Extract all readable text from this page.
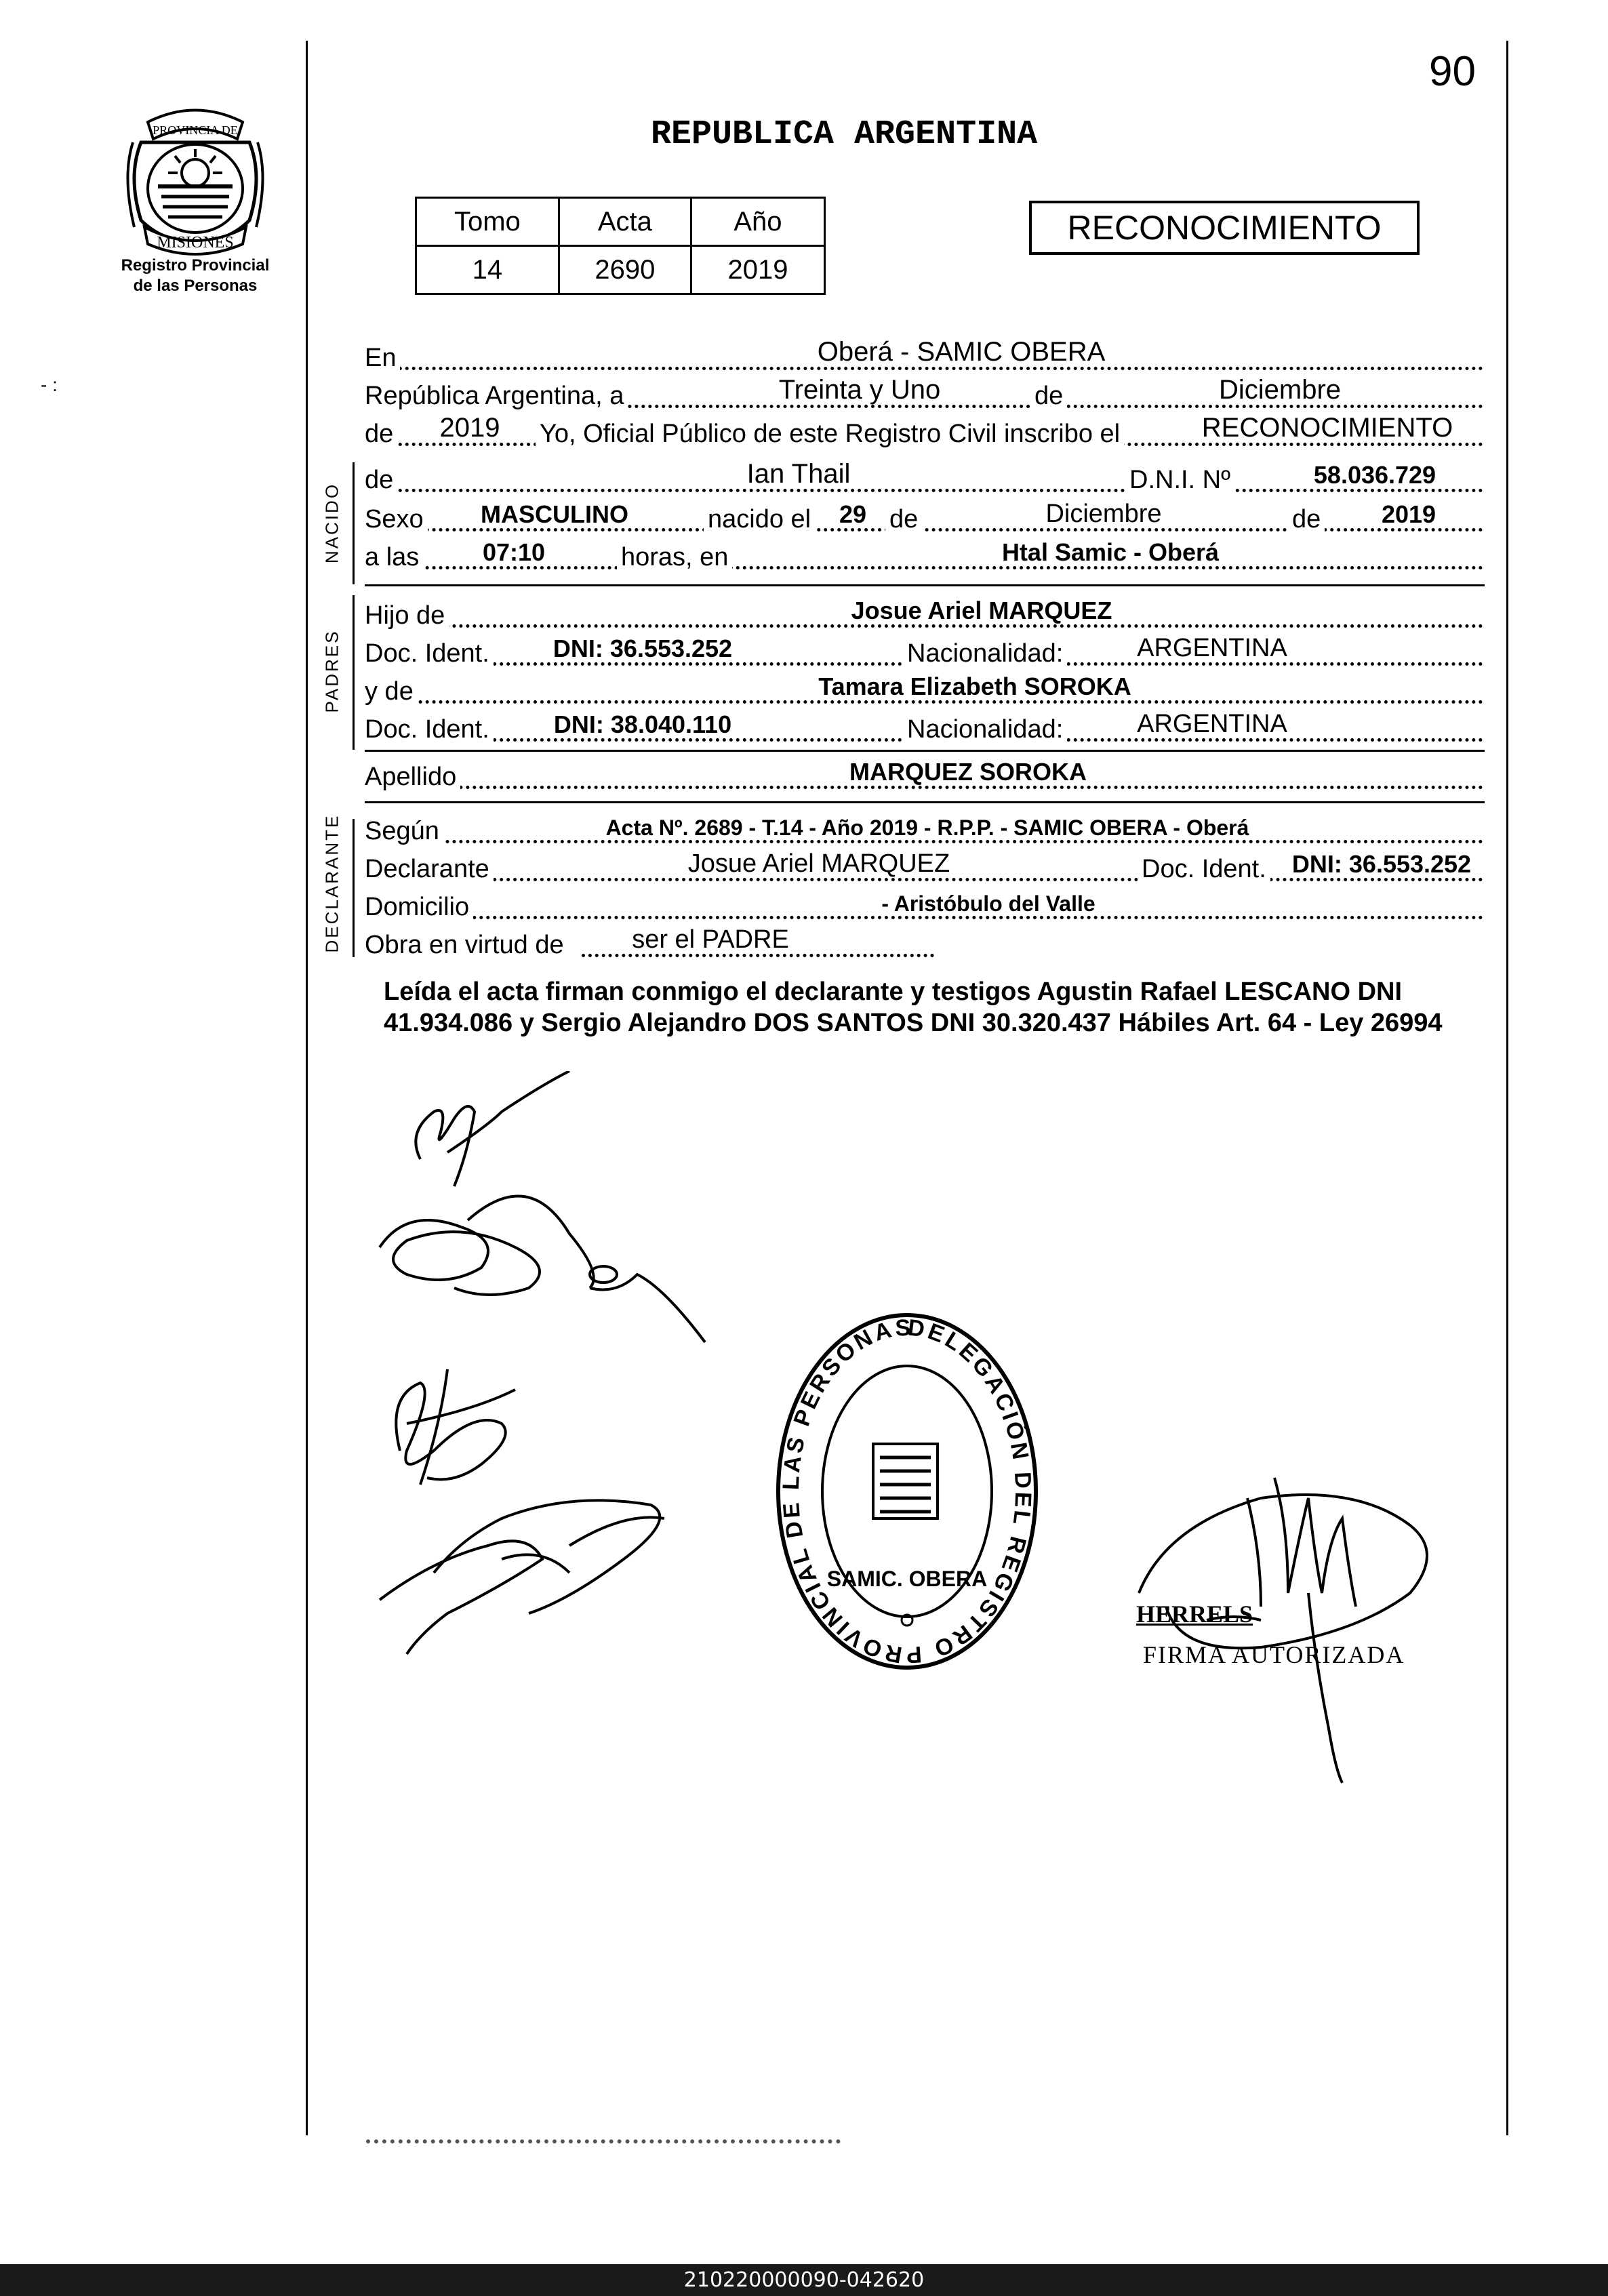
90
PROVINCIA DE
MISIONES
Registro Provincial
de las Personas
- :
REPUBLICA ARGENTINA
Tomo	Acta	Año
14	2690	2019
RECONOCIMIENTO
En	Oberá - SAMIC OBERA
República Argentina, a	Treinta y Uno	de	Diciembre
de	2019	Yo, Oficial Público de este Registro Civil inscribo el	RECONOCIMIENTO
NACIDO
de	Ian Thail	D.N.I. Nº	58.036.729
Sexo	MASCULINO	nacido el 29 de	Diciembre	de	2019
a las	07:10	horas, en	Htal Samic - Oberá
PADRES
Hijo de	Josue Ariel MARQUEZ
Doc. Ident.	DNI: 36.553.252	Nacionalidad:	ARGENTINA
y de	Tamara Elizabeth SOROKA
Doc. Ident.	DNI: 38.040.110	Nacionalidad:	ARGENTINA
Apellido	MARQUEZ SOROKA
DECLARANTE Según	Acta Nº. 2689 - T.14 - Año 2019 - R.P.P. - SAMIC OBERA - Oberá
Declarante	Josue Ariel MARQUEZ	Doc. Ident.	DNI: 36.553.252
Domicilio	- Aristóbulo del Valle
Obra en virtud de	ser el PADRE
Leída el acta firman conmigo el declarante y testigos Agustin Rafael LESCANO DNI 41.934.086 y Sergio Alejandro DOS SANTOS DNI 30.320.437 Hábiles Art. 64 - Ley 26994
DELEGACIÓN DEL REGISTRO PROVINCIAL DE LAS PERSONAS
SAMIC. OBERA
HERRELS
FIRMA AUTORIZADA
210220000090-042620
